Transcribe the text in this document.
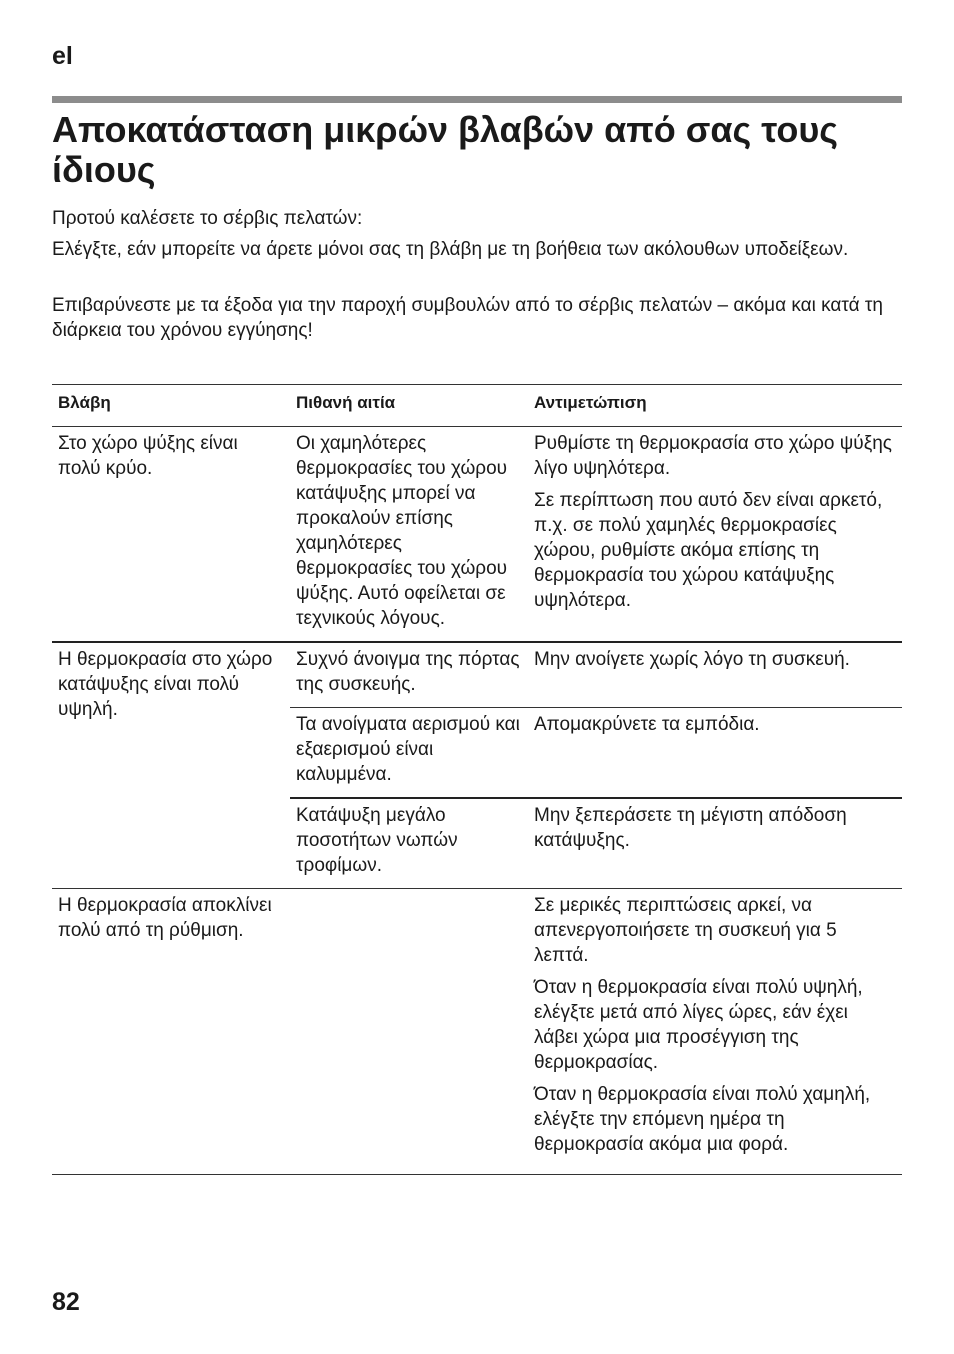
el
Αποκατάσταση μικρών βλαβών από σας τους ίδιους

Προτού καλέσετε το σέρβις πελατών:

Ελέγξτε, εάν μπορείτε να άρετε μόνοι σας τη βλάβη με τη βοήθεια των ακόλουθων υποδείξεων.

Επιβαρύνεστε με τα έξοδα για την παροχή συμβουλών από το σέρβις πελατών – ακόμα και κατά τη διάρκεια του χρόνου εγγύησης!

Βλάβη	Πιθανή αιτία	Αντιμετώπιση
Στο χώρο ψύξης είναι πολύ κρύο.	Οι χαμηλότερες θερμοκρασίες του χώρου κατάψυξης μπορεί να προκαλούν επίσης χαμηλότερες θερμοκρασίες του χώρου ψύξης. Αυτό οφείλεται σε τεχνικούς λόγους.	Ρυθμίστε τη θερμοκρασία στο χώρο ψύξης λίγο υψηλότερα.

Σε περίπτωση που αυτό δεν είναι αρκετό, π.χ. σε πολύ χαμηλές θερμοκρασίες χώρου, ρυθμίστε ακόμα επίσης τη θερμοκρασία του χώρου κατάψυξης υψηλότερα.

Η θερμοκρασία στο χώρο κατάψυξης είναι πολύ υψηλή.	Συχνό άνοιγμα της πόρτας της συσκευής.	Μην ανοίγετε χωρίς λόγο τη συσκευή.

	Τα ανοίγματα αερισμού και εξαερισμού είναι καλυμμένα.	Απομακρύνετε τα εμπόδια.

	Κατάψυξη μεγάλο ποσοτήτων νωπών τροφίμων.	Μην ξεπεράσετε τη μέγιστη απόδοση κατάψυξης.

Η θερμοκρασία αποκλίνει πολύ από τη ρύθμιση.		Σε μερικές περιπτώσεις αρκεί, να απενεργοποιήσετε τη συσκευή για 5 λεπτά.

Όταν η θερμοκρασία είναι πολύ υψηλή, ελέγξτε μετά από λίγες ώρες, εάν έχει λάβει χώρα μια προσέγγιση της θερμοκρασίας.

Όταν η θερμοκρασία είναι πολύ χαμηλή, ελέγξτε την επόμενη ημέρα τη θερμοκρασία ακόμα μια φορά.

82
